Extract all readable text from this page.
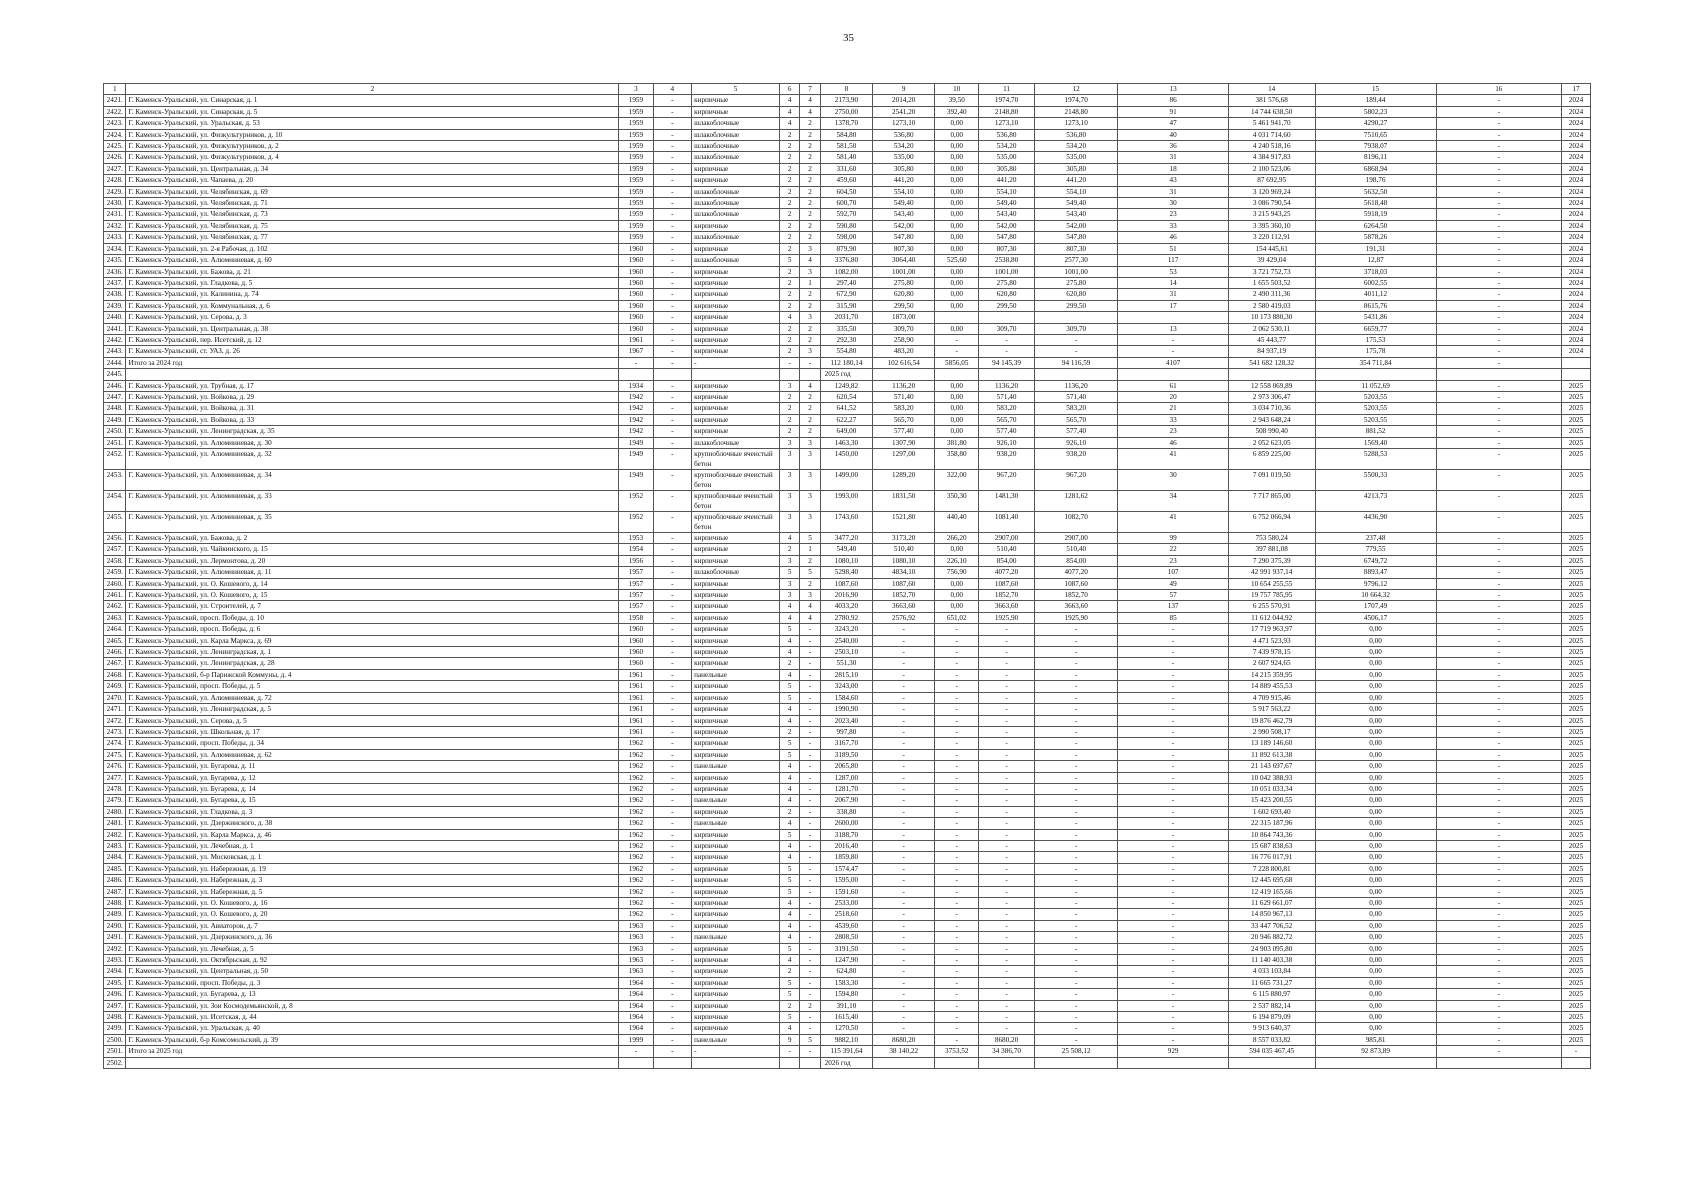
35
1	2	3	4	5	6	7	8	9	10	11	12	13	14	15	16	17
2421.	Г. Каменск-Уральский, ул. Синарская, д. 1	1959	-	кирпичные	4	4	2173,90	2014,20	39,50	1974,70	1974,70	86	381 576,68	189,44	-	2024
2422.	Г. Каменск-Уральский, ул. Синарская, д. 5	1959	-	кирпичные	4	4	2750,00	2541,20	392,40	2148,80	2148,80	91	14 744 638,50	5802,23	-	2024
2423.	Г. Каменск-Уральский, ул. Уральская, д. 53	1959	-	шлакоблочные	4	2	1378,70	1273,10	0,00	1273,10	1273,10	47	5 461 941,70	4290,27	-	2024
2424.	Г. Каменск-Уральский, ул. Физкультурников, д. 10	1959	-	шлакоблочные	2	2	584,80	536,80	0,00	536,80	536,80	40	4 031 714,60	7510,65	-	2024
2425.	Г. Каменск-Уральский, ул. Физкультурников, д. 2	1959	-	шлакоблочные	2	2	581,50	534,20	0,00	534,20	534,20	36	4 240 518,16	7938,07	-	2024
2426.	Г. Каменск-Уральский, ул. Физкультурников, д. 4	1959	-	шлакоблочные	2	2	581,40	535,00	0,00	535,00	535,00	31	4 384 917,83	8196,11	-	2024
2427.	Г. Каменск-Уральский, ул. Центральная, д. 34	1959	-	кирпичные	2	2	331,60	305,80	0,00	305,80	305,80	18	2 100 523,06	6868,94	-	2024
2428.	Г. Каменск-Уральский, ул. Чапаева, д. 20	1959	-	кирпичные	2	2	459,60	441,20	0,00	441,20	441,20	43	87 692,95	198,76	-	2024
2429.	Г. Каменск-Уральский, ул. Челябинская, д. 69	1959	-	шлакоблочные	2	2	604,50	554,10	0,00	554,10	554,10	31	3 120 969,24	5632,50	-	2024
2430.	Г. Каменск-Уральский, ул. Челябинская, д. 71	1959	-	шлакоблочные	2	2	600,70	549,40	0,00	549,40	549,40	30	3 086 790,54	5618,48	-	2024
2431.	Г. Каменск-Уральский, ул. Челябинская, д. 73	1959	-	шлакоблочные	2	2	592,70	543,40	0,00	543,40	543,40	23	3 215 943,25	5918,19	-	2024
2432.	Г. Каменск-Уральский, ул. Челябинская, д. 75	1959	-	кирпичные	2	2	590,80	542,00	0,00	542,00	542,00	33	3 395 360,10	6264,50	-	2024
2433.	Г. Каменск-Уральский, ул. Челябинская, д. 77	1959	-	шлакоблочные	2	2	598,00	547,80	0,00	547,80	547,80	46	3 220 112,91	5878,26	-	2024
2434.	Г. Каменск-Уральский, ул. 2-я Рабочая, д. 102	1960	-	кирпичные	2	3	879,90	807,30	0,00	807,30	807,30	51	154 445,61	191,31	-	2024
2435.	Г. Каменск-Уральский, ул. Алюминиевая, д. 60	1960	-	шлакоблочные	5	4	3376,80	3064,40	525,60	2538,80	2577,30	117	39 429,04	12,87	-	2024
2436.	Г. Каменск-Уральский, ул. Бажова, д. 21	1960	-	кирпичные	2	3	1082,00	1001,00	0,00	1001,00	1001,00	53	3 721 752,73	3718,03	-	2024
2437.	Г. Каменск-Уральский, ул. Гладкова, д. 5	1960	-	кирпичные	2	1	297,40	275,80	0,00	275,80	275,80	14	1 655 503,52	6002,55	-	2024
2438.	Г. Каменск-Уральский, ул. Калинина, д. 74	1960	-	кирпичные	2	2	672,90	620,80	0,00	620,80	620,80	31	2 490 311,36	4011,12	-	2024
2439.	Г. Каменск-Уральский, ул. Коммунальная, д. 6	1960	-	кирпичные	2	2	315,90	299,50	0,00	299,50	299,50	17	2 580 419,03	8615,76	-	2024
2440.	Г. Каменск-Уральский, ул. Серова, д. 3	1960	-	кирпичные	4	3	2031,70	1873,00					10 173 880,30	5431,86	-	2024
2441.	Г. Каменск-Уральский, ул. Центральная, д. 38	1960	-	кирпичные	2	2	335,50	309,70	0,00	309,70	309,70	13	2 062 530,11	6659,77	-	2024
2442.	Г. Каменск-Уральский, пер. Исетский, д. 12	1961	-	кирпичные	2	2	292,30	258,90	-	-	-	-	45 443,77	175,53	-	2024
2443.	Г. Каменск-Уральский, ст. УАЗ, д. 26	1967	-	кирпичные	2	3	554,80	483,20	-	-	-	-	84 937,19	175,78	-	2024
2444.	Итого за 2024 год	-	-	-	-	-	112 180,14	102 616,54	5856,05	94 145,39	94 116,59	4107	541 682 128,32	354 711,84	-	
2445.							2025 год									
2446.	Г. Каменск-Уральский, ул. Трубная, д. 17	1934	-	кирпичные	3	4	1249,82	1136,20	0,00	1136,20	1136,20	61	12 558 069,89	11 052,69	-	2025
2447.	Г. Каменск-Уральский, ул. Войкова, д. 29	1942	-	кирпичные	2	2	620,54	571,40	0,00	571,40	571,40	20	2 973 306,47	5203,55	-	2025
2448.	Г. Каменск-Уральский, ул. Войкова, д. 31	1942	-	кирпичные	2	2	641,52	583,20	0,00	583,20	583,20	21	3 034 710,36	5203,55	-	2025
2449.	Г. Каменск-Уральский, ул. Войкова, д. 33	1942	-	кирпичные	2	2	622,27	565,70	0,00	565,70	565,70	33	2 943 648,24	5203,55	-	2025
2450.	Г. Каменск-Уральский, ул. Ленинградская, д. 35	1942	-	кирпичные	2	2	649,00	577,40	0,00	577,40	577,40	23	508 990,40	881,52	-	2025
2451.	Г. Каменск-Уральский, ул. Алюминиевая, д. 30	1949	-	шлакоблочные	3	3	1463,30	1307,90	381,80	926,10	926,10	46	2 052 623,05	1569,40	-	2025
2452.	Г. Каменск-Уральский, ул. Алюминиевая, д. 32	1949	-	крупноблочные ячеистый бетон	3	3	1450,00	1297,00	358,80	938,20	938,20	41	6 859 225,00	5288,53	-	2025
2453.	Г. Каменск-Уральский, ул. Алюминиевая, д. 34	1949	-	крупноблочные ячеистый бетон	3	3	1499,00	1289,20	322,00	967,20	967,20	30	7 091 019,50	5500,33	-	2025
2454.	Г. Каменск-Уральский, ул. Алюминиевая, д. 33	1952	-	крупноблочные ячеистый бетон	3	3	1993,00	1831,50	350,30	1481,30	1281,62	34	7 717 865,00	4213,73	-	2025
2455.	Г. Каменск-Уральский, ул. Алюминиевая, д. 35	1952	-	крупноблочные ячеистый бетон	3	3	1743,60	1521,80	440,40	1081,40	1082,70	41	6 752 066,94	4436,90	-	2025
2456.	Г. Каменск-Уральский, ул. Бажова, д. 2	1953	-	кирпичные	4	5	3477,20	3173,20	266,20	2907,00	2907,00	99	753 580,24	237,48	-	2025
2457.	Г. Каменск-Уральский, ул. Чайкинского, д. 15	1954	-	кирпичные	2	1	549,40	510,40	0,00	510,40	510,40	22	397 881,08	779,55	-	2025
2458.	Г. Каменск-Уральский, ул. Лермонтова, д. 20	1956	-	кирпичные	3	2	1080,10	1080,10	226,10	854,00	854,00	23	7 290 375,39	6749,72	-	2025
2459.	Г. Каменск-Уральский, ул. Алюминиевая, д. 11	1957	-	шлакоблочные	5	5	5298,40	4834,10	756,90	4077,20	4077,20	107	42 991 937,14	8893,47	-	2025
2460.	Г. Каменск-Уральский, ул. О. Кошевого, д. 14	1957	-	кирпичные	3	2	1087,60	1087,60	0,00	1087,60	1087,60	49	10 654 255,55	9796,12	-	2025
2461.	Г. Каменск-Уральский, ул. О. Кошевого, д. 15	1957	-	кирпичные	3	3	2016,90	1852,70	0,00	1852,70	1852,70	57	19 757 785,95	10 664,32	-	2025
2462.	Г. Каменск-Уральский, ул. Строителей, д. 7	1957	-	кирпичные	4	4	4033,20	3663,60	0,00	3663,60	3663,60	137	6 255 570,91	1707,49	-	2025
2463.	Г. Каменск-Уральский, просп. Победы, д. 10	1958	-	кирпичные	4	4	2780,92	2576,92	651,02	1925,90	1925,90	85	11 612 044,92	4506,17	-	2025
2464.	Г. Каменск-Уральский, просп. Победы, д. 6	1960	-	кирпичные	5	-	3243,20	-	-	-	-	-	17 719 963,97	0,00	-	2025
2465.	Г. Каменск-Уральский, ул. Карла Маркса, д. 69	1960	-	кирпичные	4	-	2540,00	-	-	-	-	-	4 471 523,93	0,00	-	2025
2466.	Г. Каменск-Уральский, ул. Ленинградская, д. 1	1960	-	кирпичные	4	-	2503,10	-	-	-	-	-	7 439 978,15	0,00	-	2025
2467.	Г. Каменск-Уральский, ул. Ленинградская, д. 28	1960	-	кирпичные	2	-	551,30	-	-	-	-	-	2 607 924,65	0,00	-	2025
2468.	Г. Каменск-Уральский, б-р Парижской Коммуны, д. 4	1961	-	панельные	4	-	2815,10	-	-	-	-	-	14 215 359,95	0,00	-	2025
2469.	Г. Каменск-Уральский, просп. Победы, д. 5	1961	-	кирпичные	5	-	3243,00	-	-	-	-	-	14 889 455,53	0,00	-	2025
2470.	Г. Каменск-Уральский, ул. Алюминиевая, д. 72	1961	-	кирпичные	5	-	1584,60	-	-	-	-	-	4 709 915,46	0,00	-	2025
2471.	Г. Каменск-Уральский, ул. Ленинградская, д. 5	1961	-	кирпичные	4	-	1990,90	-	-	-	-	-	5 917 563,22	0,00	-	2025
2472.	Г. Каменск-Уральский, ул. Серова, д. 5	1961	-	кирпичные	4	-	2023,40	-	-	-	-	-	19 876 462,79	0,00	-	2025
2473.	Г. Каменск-Уральский, ул. Школьная, д. 17	1961	-	кирпичные	2	-	997,80	-	-	-	-	-	2 990 508,17	0,00	-	2025
2474.	Г. Каменск-Уральский, просп. Победы, д. 34	1962	-	кирпичные	5	-	3167,70	-	-	-	-	-	13 189 146,60	0,00	-	2025
2475.	Г. Каменск-Уральский, ул. Алюминиевая, д. 62	1962	-	кирпичные	5	-	3189,50	-	-	-	-	-	11 892 613,38	0,00	-	2025
2476.	Г. Каменск-Уральский, ул. Бугарева, д. 11	1962	-	панельные	4	-	2065,80	-	-	-	-	-	21 143 697,67	0,00	-	2025
2477.	Г. Каменск-Уральский, ул. Бугарева, д. 12	1962	-	кирпичные	4	-	1287,00	-	-	-	-	-	10 042 388,93	0,00	-	2025
2478.	Г. Каменск-Уральский, ул. Бугарева, д. 14	1962	-	кирпичные	4	-	1281,70	-	-	-	-	-	10 051 033,34	0,00	-	2025
2479.	Г. Каменск-Уральский, ул. Бугарева, д. 15	1962	-	панельные	4	-	2067,90	-	-	-	-	-	15 423 200,55	0,00	-	2025
2480.	Г. Каменск-Уральский, ул. Гладкова, д. 3	1962	-	кирпичные	2	-	338,80	-	-	-	-	-	1 602 693,40	0,00	-	2025
2481.	Г. Каменск-Уральский, ул. Дзержинского, д. 38	1962	-	панельные	4	-	2600,00	-	-	-	-	-	22 315 187,96	0,00	-	2025
2482.	Г. Каменск-Уральский, ул. Карла Маркса, д. 46	1962	-	кирпичные	5	-	3188,70	-	-	-	-	-	10 864 743,36	0,00	-	2025
2483.	Г. Каменск-Уральский, ул. Лечебная, д. 1	1962	-	кирпичные	4	-	2016,40	-	-	-	-	-	15 687 838,63	0,00	-	2025
2484.	Г. Каменск-Уральский, ул. Московская, д. 1	1962	-	кирпичные	4	-	1859,80	-	-	-	-	-	16 776 017,91	0,00	-	2025
2485.	Г. Каменск-Уральский, ул. Набережная, д. 19	1962	-	кирпичные	5	-	1574,47	-	-	-	-	-	7 228 800,81	0,00	-	2025
2486.	Г. Каменск-Уральский, ул. Набережная, д. 3	1962	-	кирпичные	5	-	1595,00	-	-	-	-	-	12 445 695,68	0,00	-	2025
2487.	Г. Каменск-Уральский, ул. Набережная, д. 5	1962	-	кирпичные	5	-	1591,60	-	-	-	-	-	12 419 165,66	0,00	-	2025
2488.	Г. Каменск-Уральский, ул. О. Кошевого, д. 16	1962	-	кирпичные	4	-	2533,00	-	-	-	-	-	11 629 661,07	0,00	-	2025
2489.	Г. Каменск-Уральский, ул. О. Кошевого, д. 20	1962	-	кирпичные	4	-	2518,60	-	-	-	-	-	14 850 967,13	0,00	-	2025
2490.	Г. Каменск-Уральский, ул. Авиаторов, д. 7	1963	-	кирпичные	4	-	4539,60	-	-	-	-	-	33 447 706,52	0,00	-	2025
2491.	Г. Каменск-Уральский, ул. Дзержинского, д. 36	1963	-	панельные	4	-	2808,50	-	-	-	-	-	20 946 882,72	0,00	-	2025
2492.	Г. Каменск-Уральский, ул. Лечебная, д. 5	1963	-	кирпичные	5	-	3191,50	-	-	-	-	-	24 903 095,80	0,00	-	2025
2493.	Г. Каменск-Уральский, ул. Октябрьская, д. 92	1963	-	кирпичные	4	-	1247,90	-	-	-	-	-	11 140 403,38	0,00	-	2025
2494.	Г. Каменск-Уральский, ул. Центральная, д. 50	1963	-	кирпичные	2	-	624,80	-	-	-	-	-	4 033 103,84	0,00	-	2025
2495.	Г. Каменск-Уральский, просп. Победы, д. 3	1964	-	кирпичные	5	-	1583,30	-	-	-	-	-	11 665 731,27	0,00	-	2025
2496.	Г. Каменск-Уральский, ул. Бугарева, д. 13	1964	-	кирпичные	5	-	1594,80	-	-	-	-	-	6 115 880,97	0,00	-	2025
2497.	Г. Каменск-Уральский, ул. Зои Космодемьянской, д. 8	1964	-	кирпичные	2	2	391,10	-	-	-	-	-	2 537 882,14	0,00	-	2025
2498.	Г. Каменск-Уральский, ул. Исетская, д. 44	1964	-	кирпичные	5	-	1615,40	-	-	-	-	-	6 194 879,09	0,00	-	2025
2499.	Г. Каменск-Уральский, ул. Уральская, д. 40	1964	-	кирпичные	4	-	1270,50	-	-	-	-	-	9 913 640,37	0,00	-	2025
2500.	Г. Каменск-Уральский, б-р Комсомольский, д. 39	1999	-	панельные	9	5	9882,10	8680,20	-	8680,20	-	-	8 557 033,82	985,81	-	2025
2501.	Итого за 2025 год	-	-	-	-	-	115 391,64	38 140,22	3753,52	34 386,70	25 508,12	929	594 035 467,45	92 873,89	-	-
2502.							2026 год									
